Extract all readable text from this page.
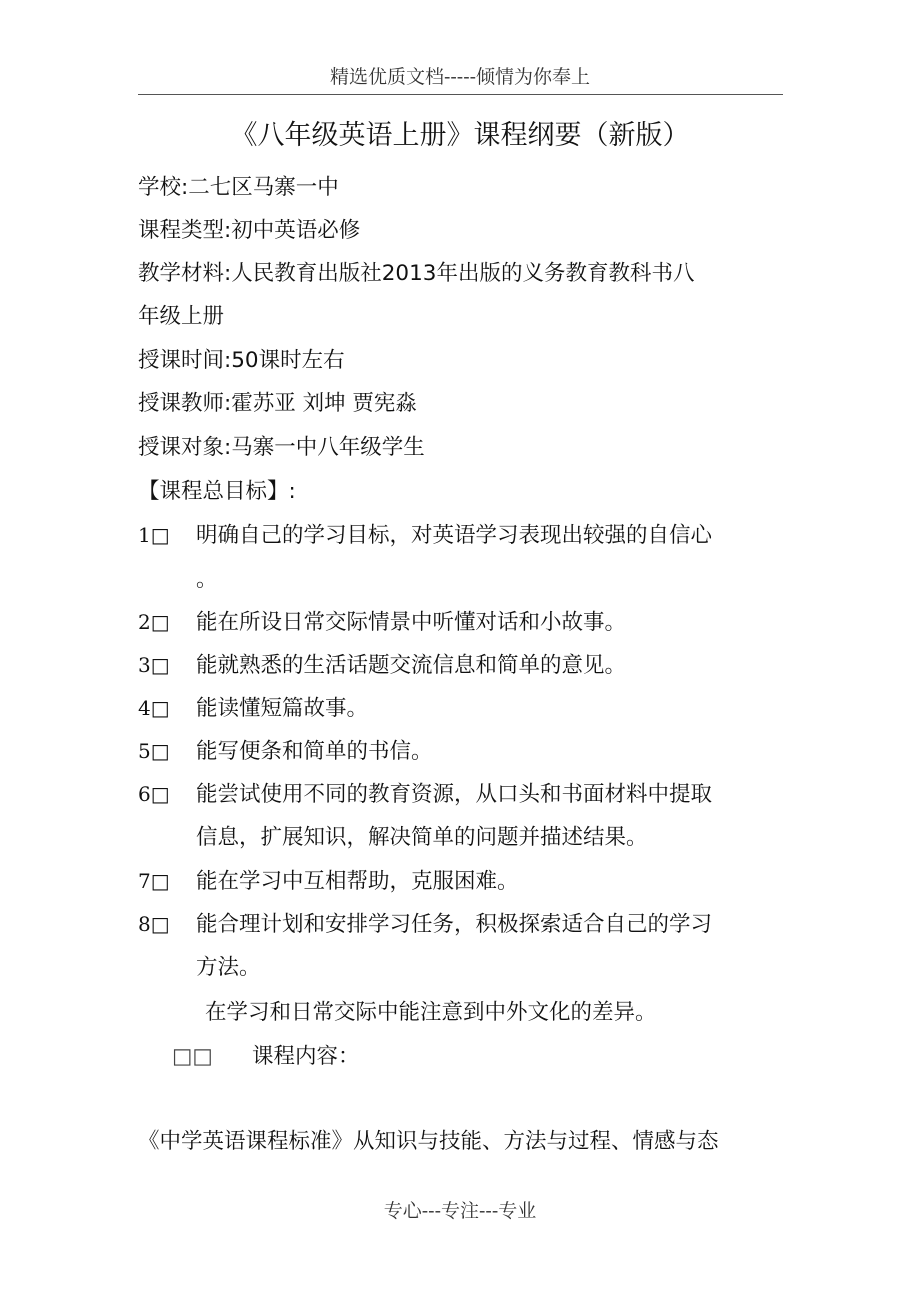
精选优质文档-----倾情为你奉上
《八年级英语上册》课程纲要（新版）
学校:二七区马寨一中
课程类型:初中英语必修
教学材料:人民教育出版社2013年出版的义务教育教科书八
年级上册
授课时间:50课时左右
授课教师:霍苏亚 刘坤 贾宪淼
授课对象:马寨一中八年级学生
【课程总目标】:
1□ 明确自己的学习目标，对英语学习表现出较强的自信心
。
2□ 能在所设日常交际情景中听懂对话和小故事。
3□ 能就熟悉的生活话题交流信息和简单的意见。
4□ 能读懂短篇故事。
5□ 能写便条和简单的书信。
6□ 能尝试使用不同的教育资源，从口头和书面材料中提取
信息，扩展知识，解决简单的问题并描述结果。
7□ 能在学习中互相帮助，克服困难。
8□ 能合理计划和安排学习任务，积极探索适合自己的学习
方法。
在学习和日常交际中能注意到中外文化的差异。
□□ 课程内容：
《中学英语课程标准》从知识与技能、方法与过程、情感与态
专心---专注---专业
